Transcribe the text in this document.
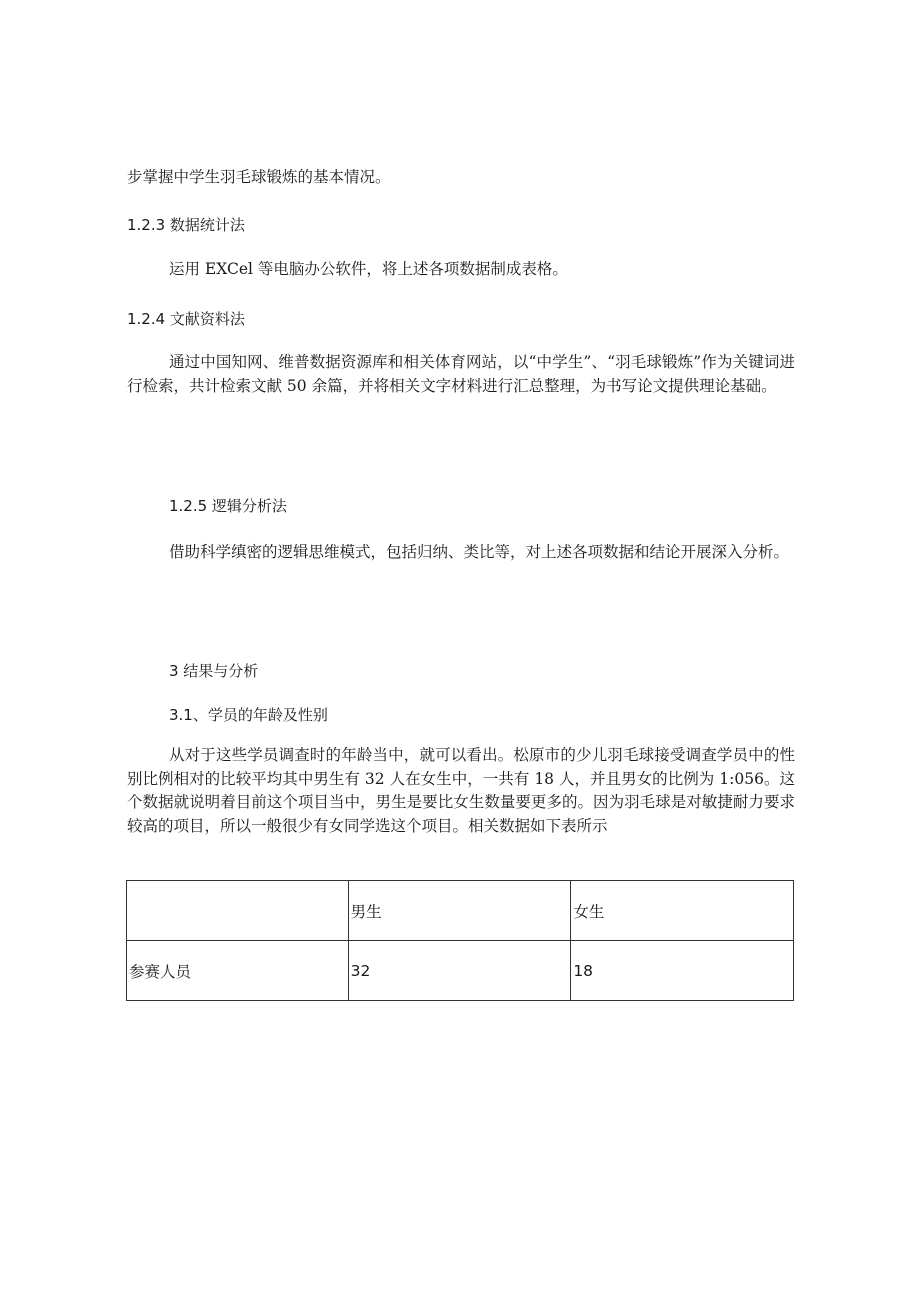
步掌握中学生羽毛球锻炼的基本情况。

1.2.3 数据统计法

运用 EXCel 等电脑办公软件，将上述各项数据制成表格。

1.2.4 文献资料法

通过中国知网、维普数据资源库和相关体育网站，以“中学生”、“羽毛球锻炼”作为关键词进行检索，共计检索文献 50 余篇，并将相关文字材料进行汇总整理，为书写论文提供理论基础。

1.2.5 逻辑分析法

借助科学缜密的逻辑思维模式，包括归纳、类比等，对上述各项数据和结论开展深入分析。

3 结果与分析

3.1、学员的年龄及性别

从对于这些学员调查时的年龄当中，就可以看出。松原市的少儿羽毛球接受调查学员中的性别比例相对的比较平均其中男生有 32 人在女生中，一共有 18 人，并且男女的比例为 1:056。这个数据就说明着目前这个项目当中，男生是要比女生数量要更多的。因为羽毛球是对敏捷耐力要求较高的项目，所以一般很少有女同学选这个项目。相关数据如下表所示

	男生	女生
参赛人员	32	18
